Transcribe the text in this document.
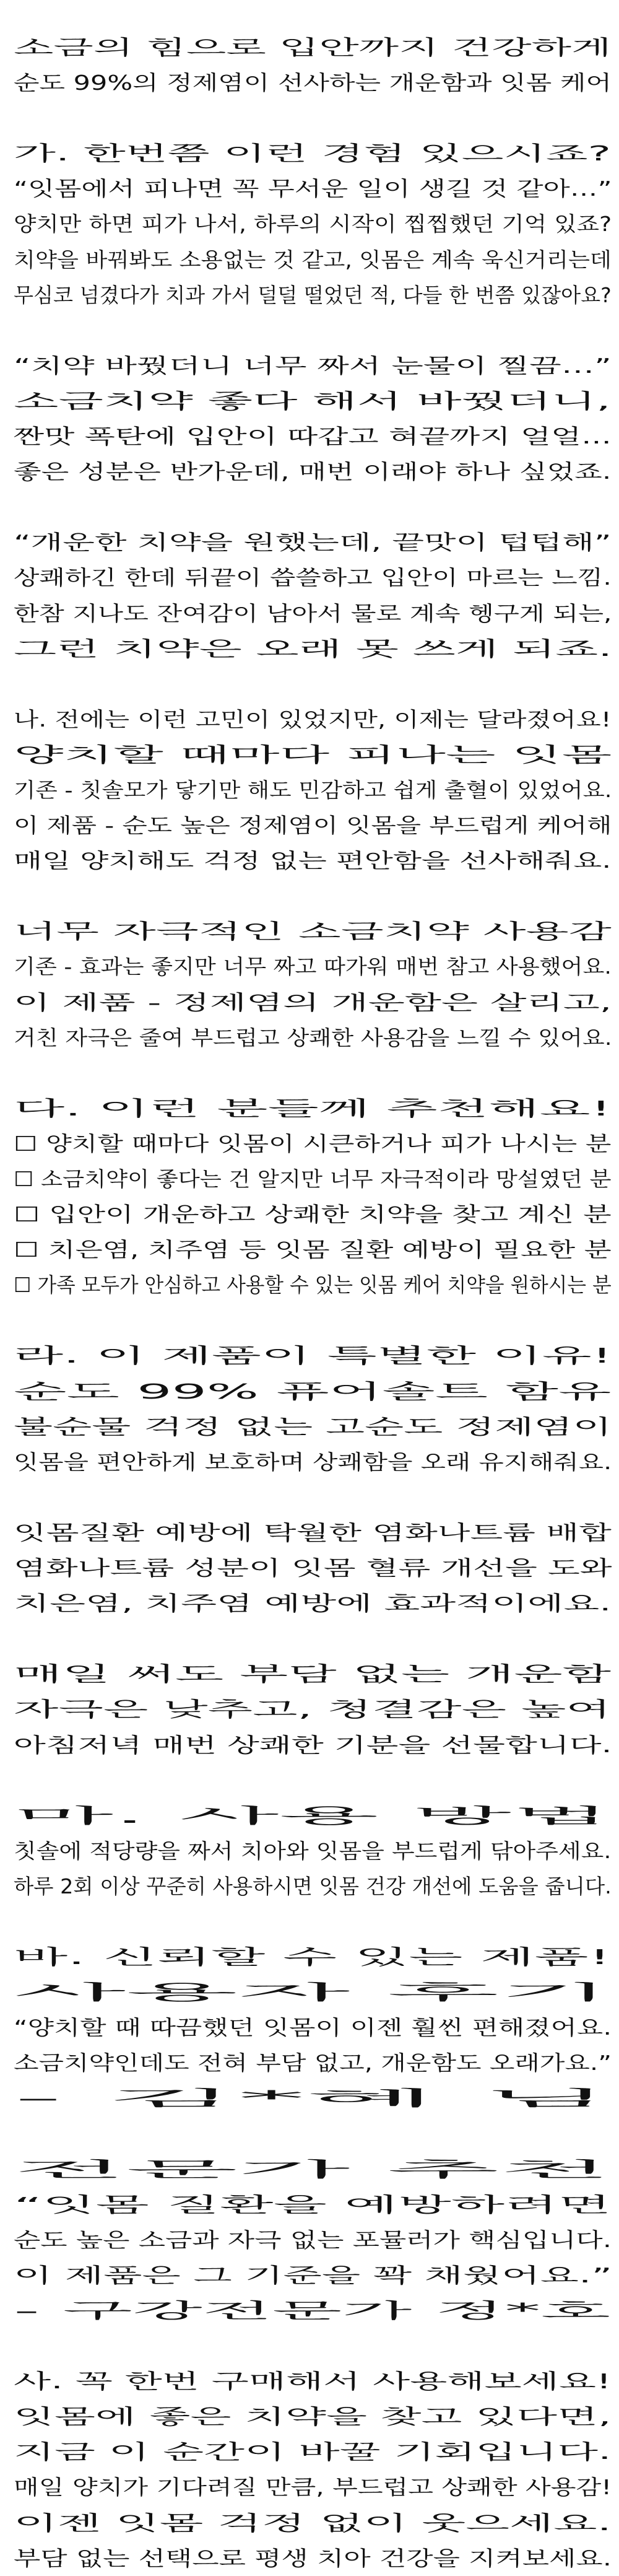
소금의 힘으로 입안까지 건강하게순도 99%의 정제염이 선사하는 개운함과 잇몸 케어
가. 한번쯤 이런 경험 있으시죠?“잇몸에서 피나면 꼭 무서운 일이 생길 것 같아…”양치만 하면 피가 나서, 하루의 시작이 찝찝했던 기억 있죠?치약을 바꿔봐도 소용없는 것 같고, 잇몸은 계속 욱신거리는데무심코 넘겼다가 치과 가서 덜덜 떨었던 적, 다들 한 번쯤 있잖아요?
“치약 바꿨더니 너무 짜서 눈물이 찔끔…”소금치약 좋다 해서 바꿨더니,짠맛 폭탄에 입안이 따갑고 혀끝까지 얼얼...좋은 성분은 반가운데, 매번 이래야 하나 싶었죠.
“개운한 치약을 원했는데, 끝맛이 텁텁해”상쾌하긴 한데 뒤끝이 씁쓸하고 입안이 마르는 느낌.한참 지나도 잔여감이 남아서 물로 계속 헹구게 되는,그런 치약은 오래 못 쓰게 되죠.
나. 전에는 이런 고민이 있었지만, 이제는 달라졌어요!양치할 때마다 피나는 잇몸기존 - 칫솔모가 닿기만 해도 민감하고 쉽게 출혈이 있었어요.이 제품 - 순도 높은 정제염이 잇몸을 부드럽게 케어해매일 양치해도 걱정 없는 편안함을 선사해줘요.
너무 자극적인 소금치약 사용감기존 - 효과는 좋지만 너무 짜고 따가워 매번 참고 사용했어요.이 제품 - 정제염의 개운함은 살리고,거친 자극은 줄여 부드럽고 상쾌한 사용감을 느낄 수 있어요.
다. 이런 분들께 추천해요!☐ 양치할 때마다 잇몸이 시큰하거나 피가 나시는 분☐ 소금치약이 좋다는 건 알지만 너무 자극적이라 망설였던 분☐ 입안이 개운하고 상쾌한 치약을 찾고 계신 분☐ 치은염, 치주염 등 잇몸 질환 예방이 필요한 분☐ 가족 모두가 안심하고 사용할 수 있는 잇몸 케어 치약을 원하시는 분
라. 이 제품이 특별한 이유!순도 99% 퓨어솔트 함유불순물 걱정 없는 고순도 정제염이잇몸을 편안하게 보호하며 상쾌함을 오래 유지해줘요.
잇몸질환 예방에 탁월한 염화나트륨 배합염화나트륨 성분이 잇몸 혈류 개선을 도와치은염, 치주염 예방에 효과적이에요.
매일 써도 부담 없는 개운함자극은 낮추고, 청결감은 높여아침저녁 매번 상쾌한 기분을 선물합니다.
마. 사용 방법칫솔에 적당량을 짜서 치아와 잇몸을 부드럽게 닦아주세요.하루 2회 이상 꾸준히 사용하시면 잇몸 건강 개선에 도움을 줍니다.
바. 신뢰할 수 있는 제품!사용자 후기“양치할 때 따끔했던 잇몸이 이젠 훨씬 편해졌어요.소금치약인데도 전혀 부담 없고, 개운함도 오래가요.”- 김*혜 님
전문가 추천“잇몸 질환을 예방하려면순도 높은 소금과 자극 없는 포뮬러가 핵심입니다.이 제품은 그 기준을 꽉 채웠어요.”- 구강전문가 정*호
사. 꼭 한번 구매해서 사용해보세요!잇몸에 좋은 치약을 찾고 있다면,지금 이 순간이 바꿀 기회입니다.매일 양치가 기다려질 만큼, 부드럽고 상쾌한 사용감!이젠 잇몸 걱정 없이 웃으세요.부담 없는 선택으로 평생 치아 건강을 지켜보세요.
